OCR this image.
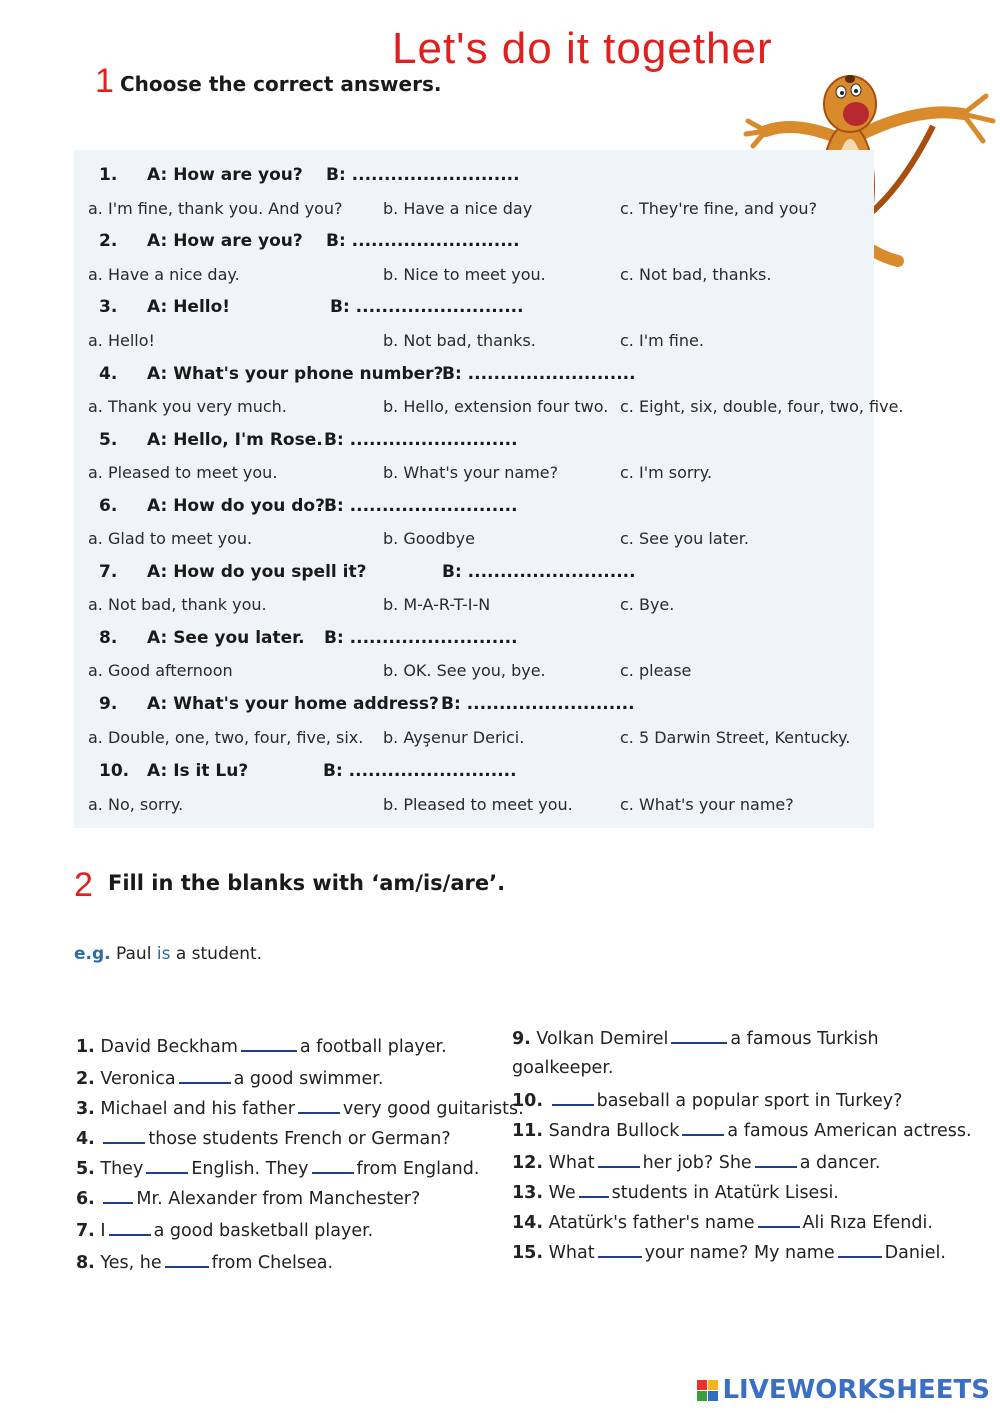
Let's do it together
1 Choose the correct answers.
1. A: How are you? B: ..........................
a. I'm fine, thank you. And you?	b. Have a nice day	c. They're fine, and you?
2. A: How are you? B: ..........................
a. Have a nice day.	b. Nice to meet you.	c. Not bad, thanks.
3. A: Hello!	B: ..........................
a. Hello!	b. Not bad, thanks.	c. I'm fine.
4. A: What's your phone number?
B: ..........................
a. Thank you very much.	b. Hello, extension four two. c. Eight, six, double, four, two, five.
5. A: Hello, I'm Rose. B: ..........................
a. Pleased to meet you.	b. What's your name?	c. I'm sorry.
6. A: How do you do? B: ..........................
a. Glad to meet you.	b. Goodbye	c. See you later.
7. A: How do you spell it?	B: ..........................
a. Not bad, thank you.	b. M-A-R-T-I-N	c. Bye.
8. A: See you later. B: ..........................
a. Good afternoon	b. OK. See you, bye.	c. please
9. A: What's your home address? B: ..........................
a. Double, one, two, four, five, six. b. Ayşenur Derici.	c. 5 Darwin Street, Kentucky.
10. A: Is it Lu?	B: ..........................
a. No, sorry.	b. Pleased to meet you.	c. What's your name?
2 Fill in the blanks with ‘am/is/are’.
e.g. Paul is a student.
1. David Beckham	a football player.
2. Veronica	a good swimmer.
3. Michael and his father	very good guitarists.
4.	those students French or German?
5. They	English. They	from England.
6. Mr. Alexander from Manchester?
7. I	a good basketball player.
8. Yes, he	from Chelsea.
9. Volkan Demirel	a famous Turkish
goalkeeper.
10.	baseball a popular sport in Turkey?
11. Sandra Bullock	a famous American actress.
12. What	her job? She	a dancer.
13. We students in Atatürk Lisesi.
14. Atatürk's father's name	Ali Rıza Efendi.
15. What	your name? My name	Daniel.
LIVEWORKSHEETS
